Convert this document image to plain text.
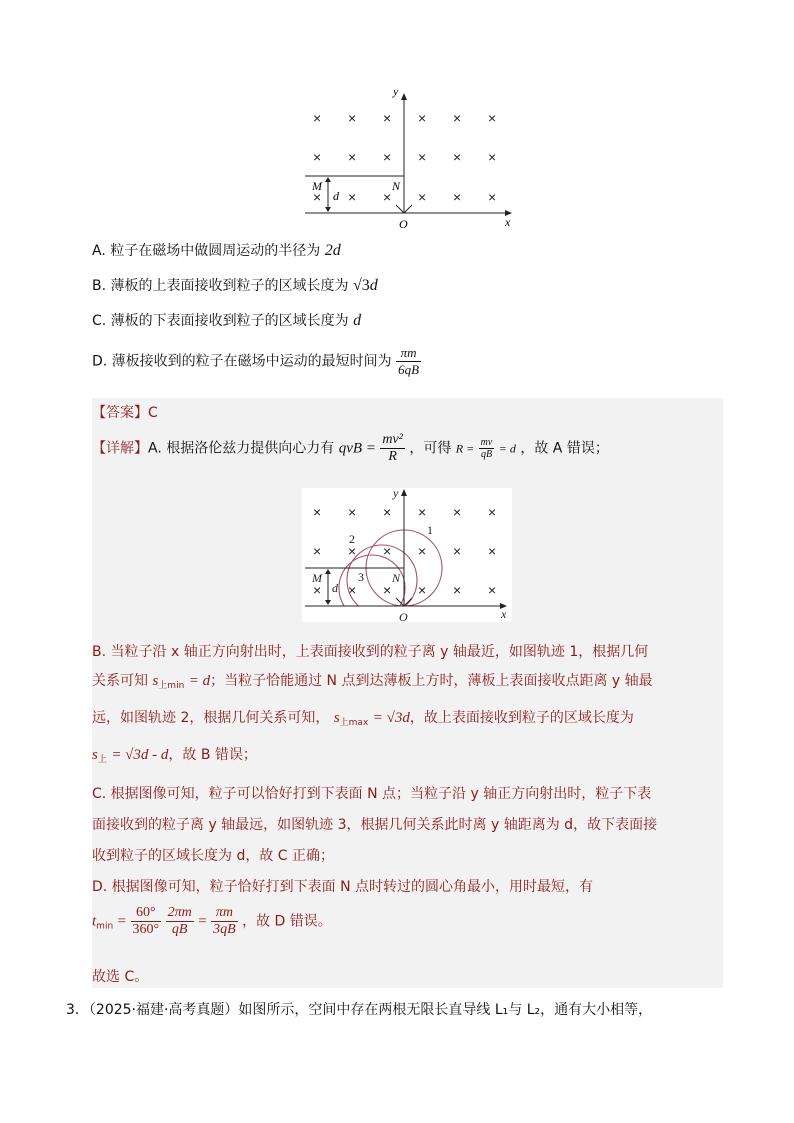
× × × × × ×
× × × × × ×
× × × × × ×
y
x
O
M	N
d
A. 粒子在磁场中做圆周运动的半径为 2d
B. 薄板的上表面接收到粒子的区域长度为 √3d
C. 薄板的下表面接收到粒子的区域长度为 d
D. 薄板接收到的粒子在磁场中运动的最短时间为 $\frac{\pi m}{6qB}$
【答案】C
【详解】A. 根据洛伦兹力提供向心力有 qvB = $\frac{\text{mv²}}{R}$ ，可得 $R = \frac{mv}{qB} = d$ ，故 A 错误；
× × × × × ×
× × × × × ×
× × × × × ×
y
x
O
M	N
d
1
2
3
B. 当粒子沿 x 轴正方向射出时，上表面接收到的粒子离 y 轴最近，如图轨迹 1，根据几何
关系可知 $s_{上min} = d$；当粒子恰能通过 N 点到达薄板上方时，薄板上表面接收点距离 y 轴最
远，如图轨迹 2，根据几何关系可知， $s_{上max} = √3d$，故上表面接收到粒子的区域长度为
$s_上 = √3d - d$，故 B 错误；
C. 根据图像可知，粒子可以恰好打到下表面 N 点；当粒子沿 y 轴正方向射出时，粒子下表
面接收到的粒子离 y 轴最远，如图轨迹 3，根据几何关系此时离 y 轴距离为 d，故下表面接
收到粒子的区域长度为 d，故 C 正确；
D. 根据图像可知，粒子恰好打到下表面 N 点时转过的圆心角最小，用时最短，有
$t_{min} = \frac{60^\circ}{360^\circ}$
$\frac{2\pi m}{qB} = \frac{\pi m}{3qB}$ ，故 D 错误。
故选 C。
3．（2025·福建·高考真题）如图所示，空间中存在两根无限长直导线 L₁与 L₂，通有大小相等，
